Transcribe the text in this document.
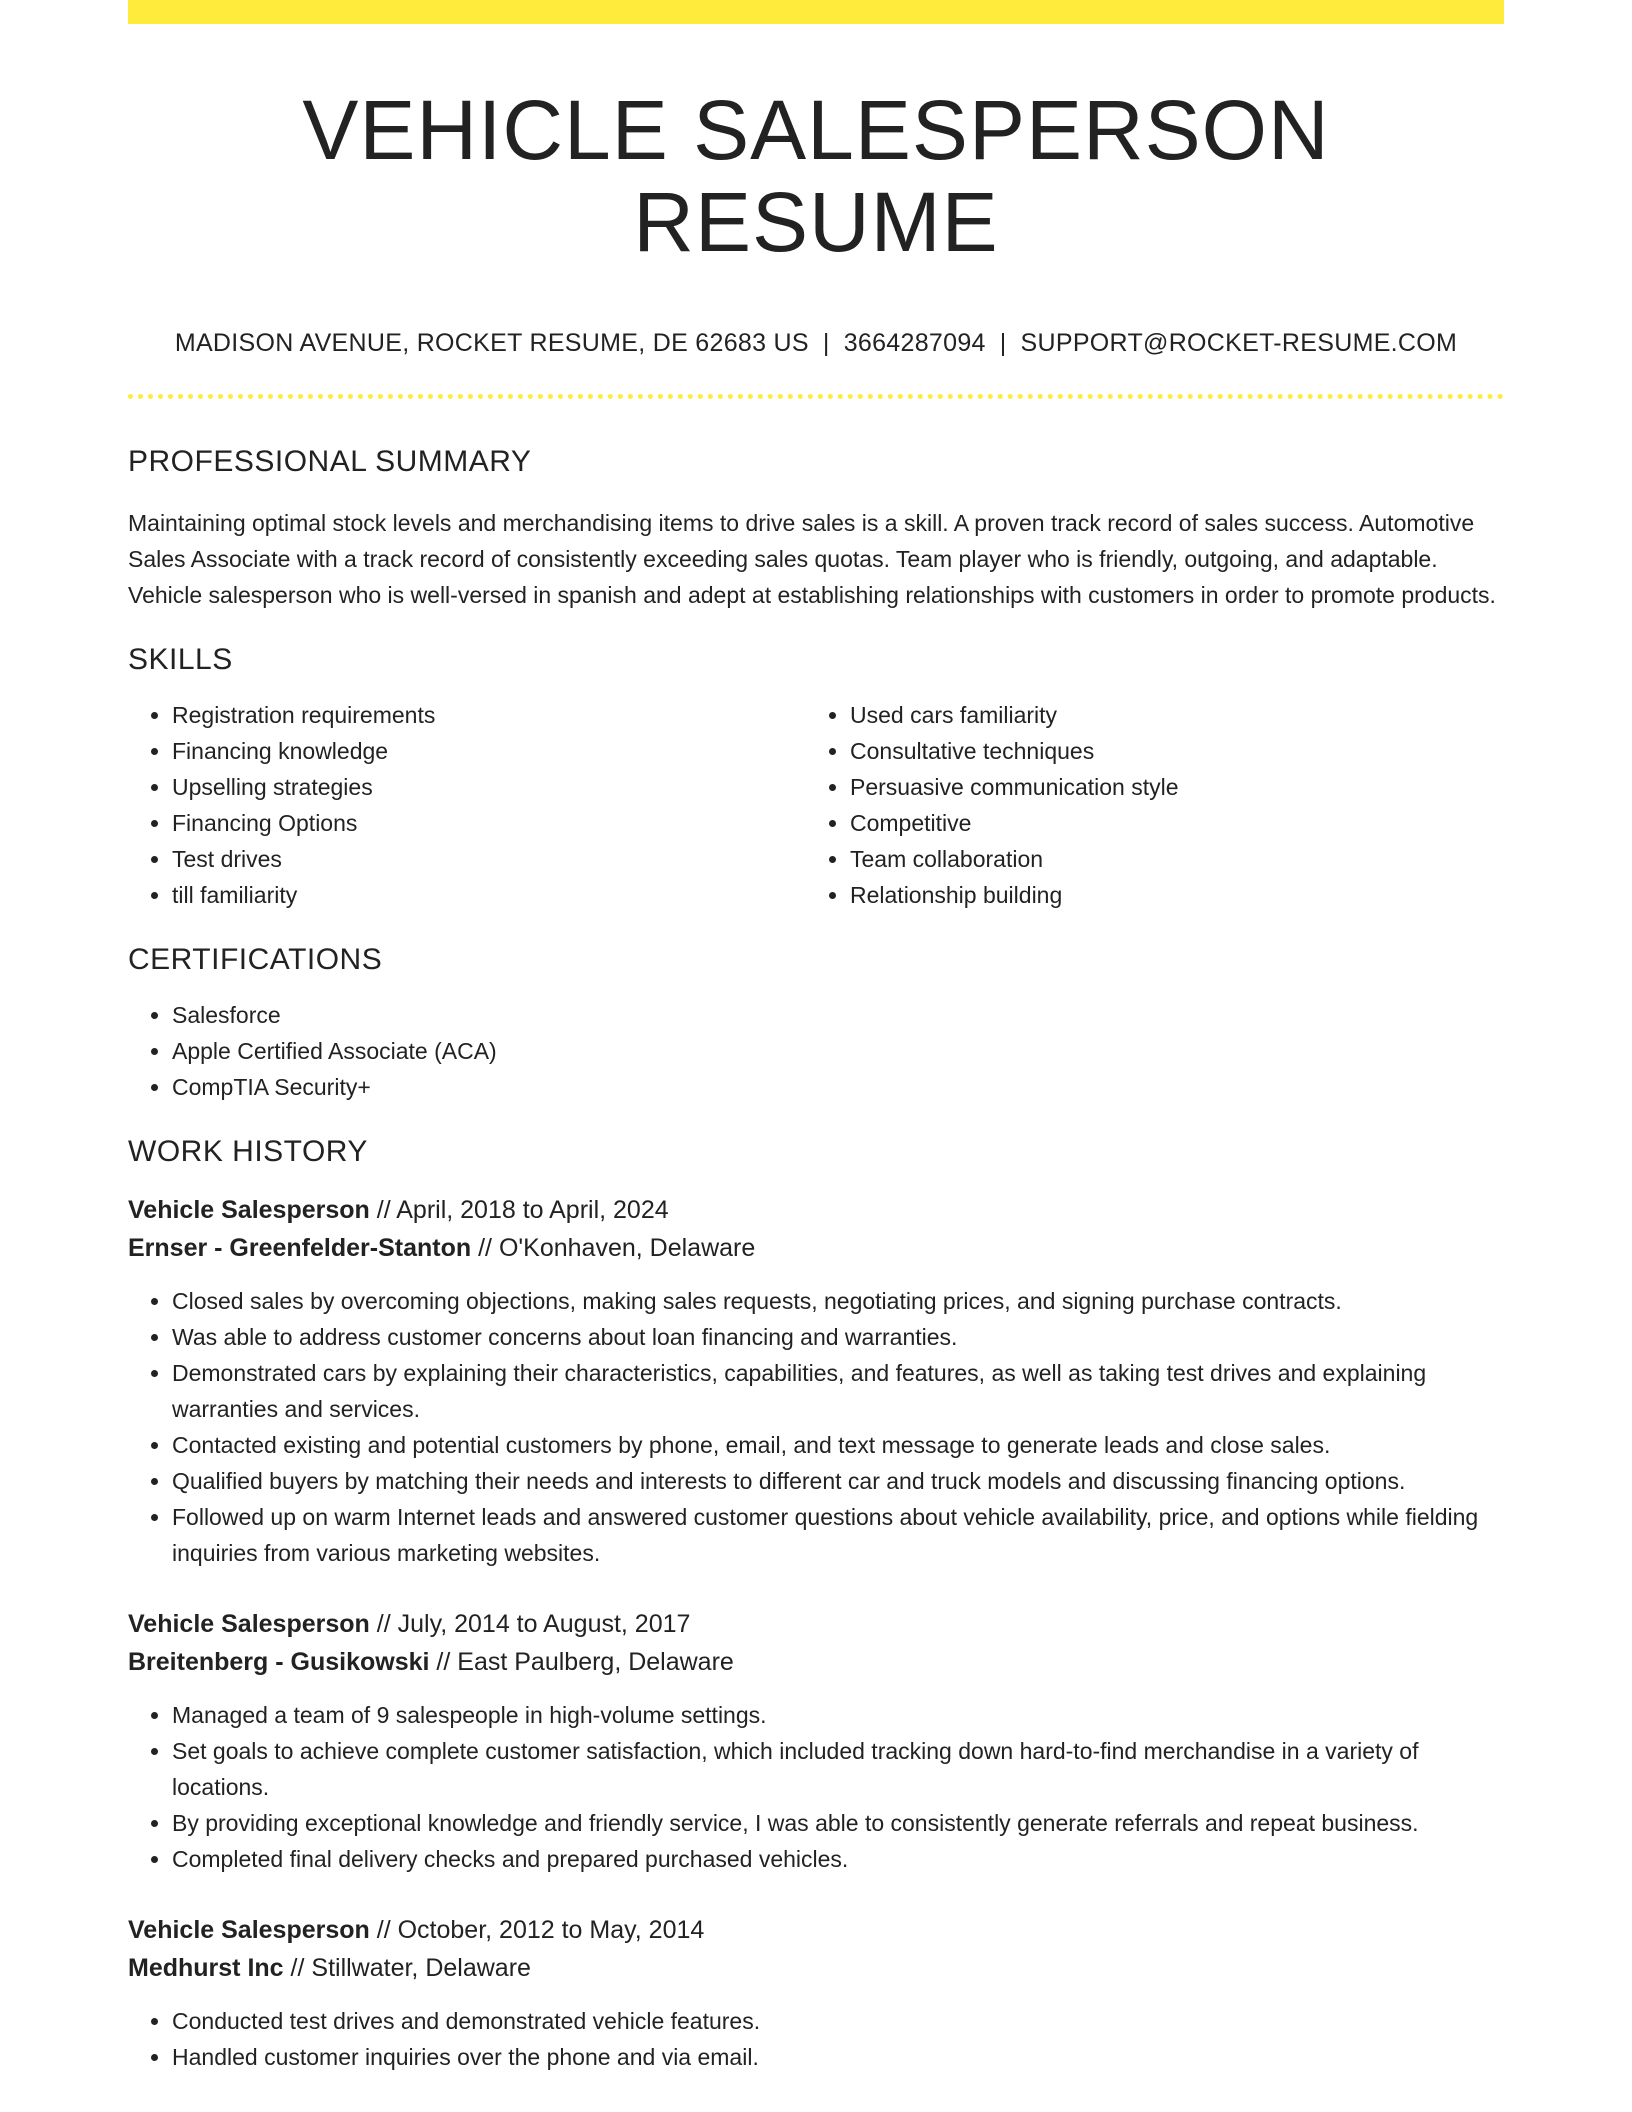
VEHICLE SALESPERSON RESUME
MADISON AVENUE, ROCKET RESUME, DE 62683 US | 3664287094 | SUPPORT@ROCKET-RESUME.COM
PROFESSIONAL SUMMARY
Maintaining optimal stock levels and merchandising items to drive sales is a skill. A proven track record of sales success. Automotive Sales Associate with a track record of consistently exceeding sales quotas. Team player who is friendly, outgoing, and adaptable. Vehicle salesperson who is well-versed in spanish and adept at establishing relationships with customers in order to promote products.
SKILLS
• Registration requirements
• Financing knowledge
• Upselling strategies
• Financing Options
• Test drives
• till familiarity
• Used cars familiarity
• Consultative techniques
• Persuasive communication style
• Competitive
• Team collaboration
• Relationship building
CERTIFICATIONS
• Salesforce
• Apple Certified Associate (ACA)
• CompTIA Security+
WORK HISTORY
Vehicle Salesperson // April, 2018 to April, 2024
Ernser - Greenfelder-Stanton // O'Konhaven, Delaware
• Closed sales by overcoming objections, making sales requests, negotiating prices, and signing purchase contracts.
• Was able to address customer concerns about loan financing and warranties.
• Demonstrated cars by explaining their characteristics, capabilities, and features, as well as taking test drives and explaining warranties and services.
• Contacted existing and potential customers by phone, email, and text message to generate leads and close sales.
• Qualified buyers by matching their needs and interests to different car and truck models and discussing financing options.
• Followed up on warm Internet leads and answered customer questions about vehicle availability, price, and options while fielding inquiries from various marketing websites.
Vehicle Salesperson // July, 2014 to August, 2017
Breitenberg - Gusikowski // East Paulberg, Delaware
• Managed a team of 9 salespeople in high-volume settings.
• Set goals to achieve complete customer satisfaction, which included tracking down hard-to-find merchandise in a variety of locations.
• By providing exceptional knowledge and friendly service, I was able to consistently generate referrals and repeat business.
• Completed final delivery checks and prepared purchased vehicles.
Vehicle Salesperson // October, 2012 to May, 2014
Medhurst Inc // Stillwater, Delaware
• Conducted test drives and demonstrated vehicle features.
• Handled customer inquiries over the phone and via email.
